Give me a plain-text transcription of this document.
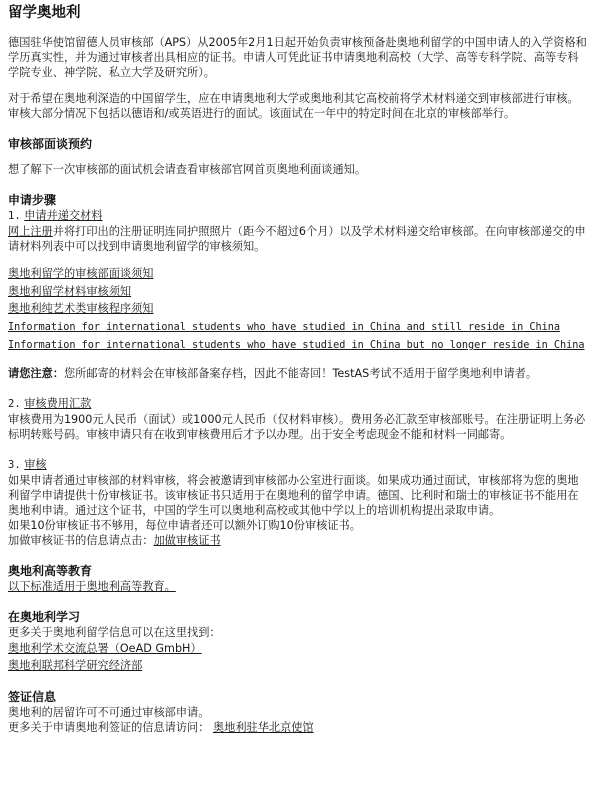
留学奥地利

德国驻华使馆留德人员审核部（APS）从2005年2月1日起开始负责审核预备赴奥地利留学的中国申请人的入学资格和学历真实性，并为通过审核者出具相应的证书。申请人可凭此证书申请奥地利高校（大学、高等专科学院、高等专科学院专业、神学院、私立大学及研究所）。

对于希望在奥地利深造的中国留学生，应在申请奥地利大学或奥地利其它高校前将学术材料递交到审核部进行审核。审核大部分情况下包括以德语和/或英语进行的面试。该面试在一年中的特定时间在北京的审核部举行。

审核部面谈预约

想了解下一次审核部的面试机会请查看审核部官网首页奥地利面谈通知。

申请步骤

1. 申请并递交材料

网上注册并将打印出的注册证明连同护照照片（距今不超过6个月）以及学术材料递交给审核部。在向审核部递交的申请材料列表中可以找到申请奥地利留学的审核须知。

奥地利留学的审核部面谈须知
奥地利留学材料审核须知
奥地利纯艺术类审核程序须知
Information for international students who have studied in China and still reside in China
Information for international students who have studied in China but no longer reside in China

请您注意：您所邮寄的材料会在审核部备案存档，因此不能寄回！TestAS考试不适用于留学奥地利申请者。

2. 审核费用汇款

审核费用为1900元人民币（面试）或1000元人民币（仅材料审核）。费用务必汇款至审核部账号。在注册证明上务必标明转账号码。审核申请只有在收到审核费用后才予以办理。出于安全考虑现金不能和材料一同邮寄。

3. 审核

如果申请者通过审核部的材料审核，将会被邀请到审核部办公室进行面谈。如果成功通过面试，审核部将为您的奥地利留学申请提供十份审核证书。该审核证书只适用于在奥地利的留学申请。德国、比利时和瑞士的审核证书不能用在奥地利申请。通过这个证书，中国的学生可以奥地利高校或其他中学以上的培训机构提出录取申请。

如果10份审核证书不够用，每位申请者还可以额外订购10份审核证书。

加做审核证书的信息请点击：加做审核证书

奥地利高等教育

以下标准适用于奥地利高等教育。

在奥地利学习

更多关于奥地利留学信息可以在这里找到：

奥地利学术交流总署（OeAD GmbH）
奥地利联邦科学研究经济部
签证信息

奥地利的居留许可不可通过审核部申请。

更多关于申请奥地利签证的信息请访问： 奥地利驻华北京使馆
